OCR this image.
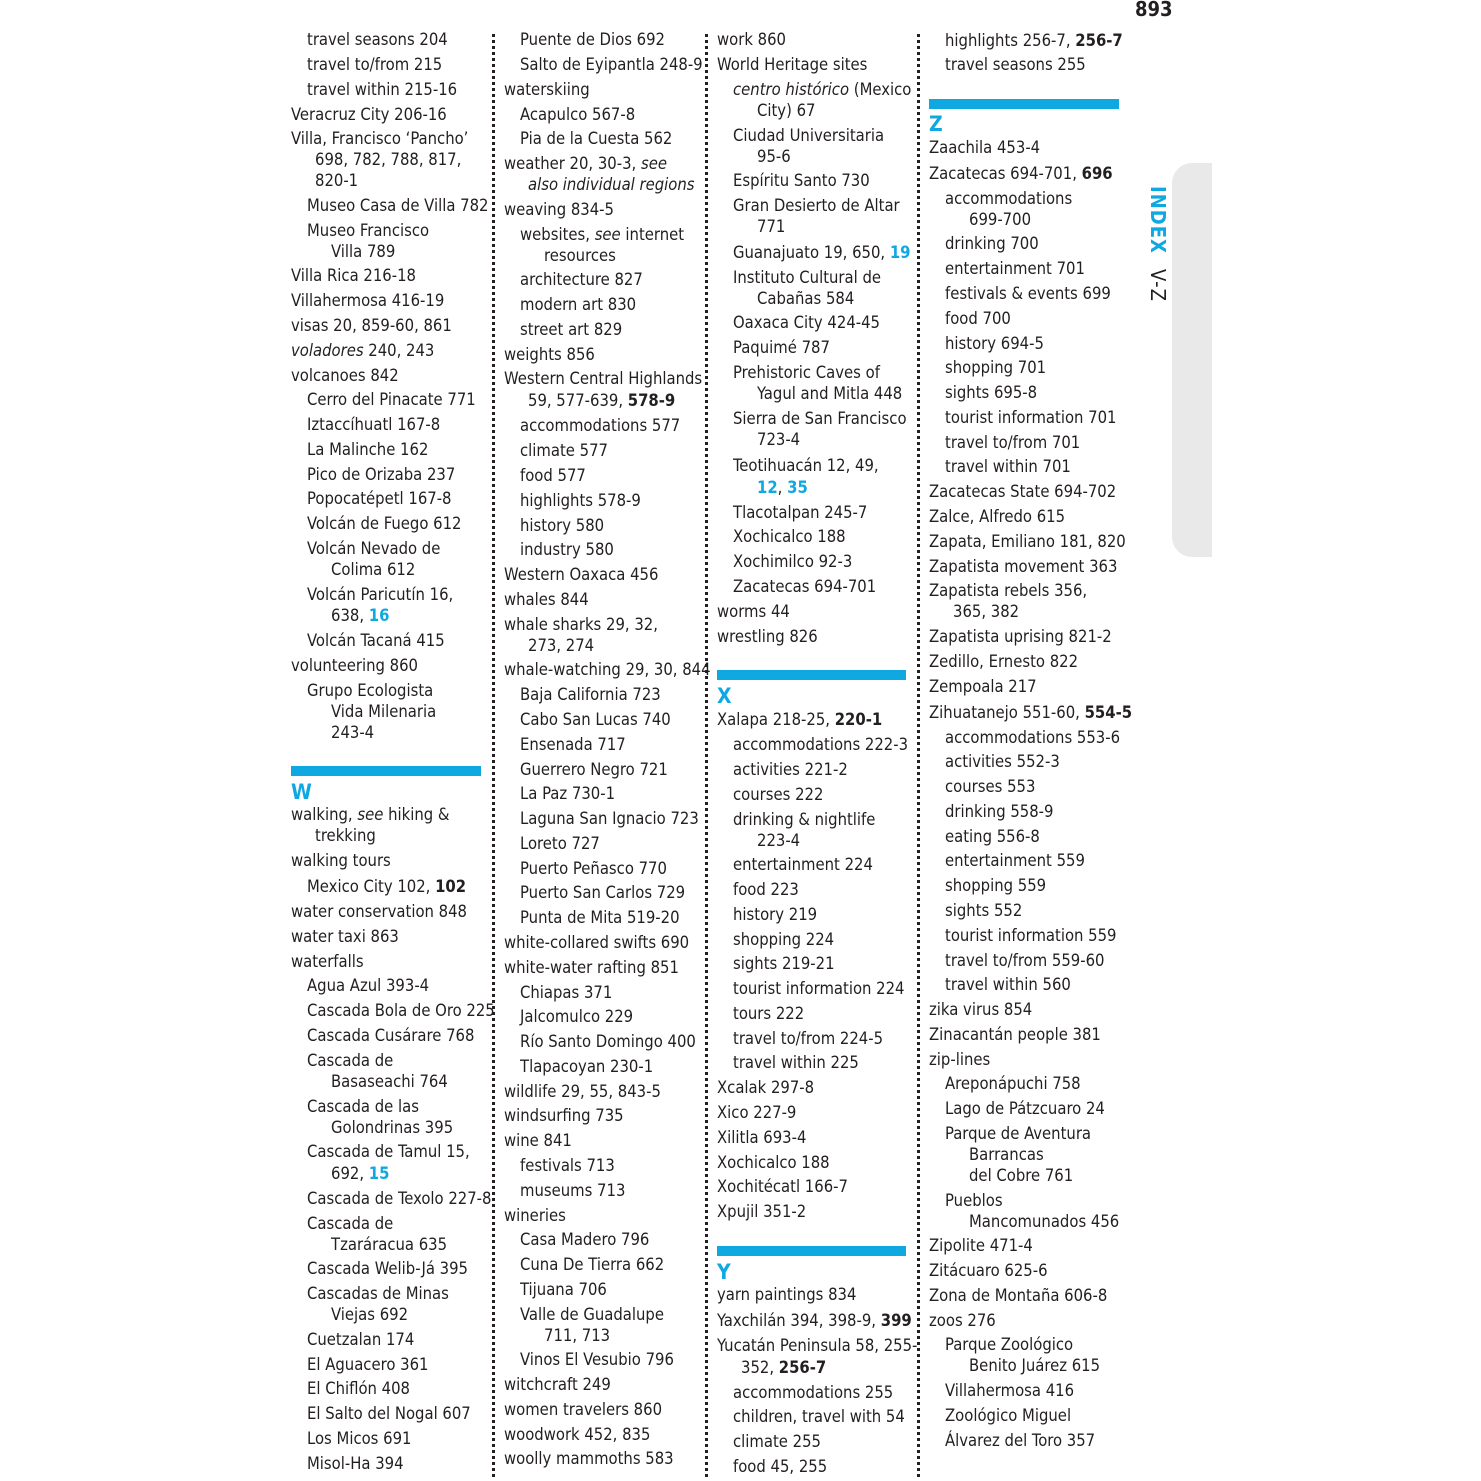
893
INDEX V-Z
W
travel seasons 204
travel to/from 215
travel within 215-16
Veracruz City 206-16
Villa, Francisco ‘Pancho’
698, 782, 788, 817,
820-1
Museo Casa de Villa 782
Museo Francisco
Villa 789
Villa Rica 216-18
Villahermosa 416-19
visas 20, 859-60, 861
voladores 240, 243
volcanoes 842
Cerro del Pinacate 771
Iztaccíhuatl 167-8
La Malinche 162
Pico de Orizaba 237
Popocatépetl 167-8
Volcán de Fuego 612
Volcán Nevado de
Colima 612
Volcán Paricutín 16,
638, 16
Volcán Tacaná 415
volunteering 860
Grupo Ecologista
Vida Milenaria
243-4
walking, see hiking &
trekking
walking tours
Mexico City 102, 102
water conservation 848
water taxi 863
waterfalls
Agua Azul 393-4
Cascada Bola de Oro 225
Cascada Cusárare 768
Cascada de
Basaseachi 764
Cascada de las
Golondrinas 395
Cascada de Tamul 15,
692, 15
Cascada de Texolo 227-8
Cascada de
Tzaráracua 635
Cascada Welib-Já 395
Cascadas de Minas
Viejas 692
Cuetzalan 174
El Aguacero 361
El Chiflón 408
El Salto del Nogal 607
Los Micos 691
Misol-Ha 394
Puente de Dios 692
Salto de Eyipantla 248-9
waterskiing
Acapulco 567-8
Pia de la Cuesta 562
weather 20, 30-3, see
also individual regions
weaving 834-5
websites, see internet
resources
architecture 827
modern art 830
street art 829
weights 856
Western Central Highlands
59, 577-639, 578-9
accommodations 577
climate 577
food 577
highlights 578-9
history 580
industry 580
Western Oaxaca 456
whales 844
whale sharks 29, 32,
273, 274
whale-watching 29, 30, 844
Baja California 723
Cabo San Lucas 740
Ensenada 717
Guerrero Negro 721
La Paz 730-1
Laguna San Ignacio 723
Loreto 727
Puerto Peñasco 770
Puerto San Carlos 729
Punta de Mita 519-20
white-collared swifts 690
white-water rafting 851
Chiapas 371
Jalcomulco 229
Río Santo Domingo 400
Tlapacoyan 230-1
wildlife 29, 55, 843-5
windsurfing 735
wine 841
festivals 713
museums 713
wineries
Casa Madero 796
Cuna De Tierra 662
Tijuana 706
Valle de Guadalupe
711, 713
Vinos El Vesubio 796
witchcraft 249
women travelers 860
woodwork 452, 835
woolly mammoths 583
X
Y
work 860
World Heritage sites
centro histórico (Mexico
City) 67
Ciudad Universitaria
95-6
Espíritu Santo 730
Gran Desierto de Altar
771
Guanajuato 19, 650, 19
Instituto Cultural de
Cabañas 584
Oaxaca City 424-45
Paquimé 787
Prehistoric Caves of
Yagul and Mitla 448
Sierra de San Francisco
723-4
Teotihuacán 12, 49,
12, 35
Tlacotalpan 245-7
Xochicalco 188
Xochimilco 92-3
Zacatecas 694-701
worms 44
wrestling 826
Xalapa 218-25, 220-1
accommodations 222-3
activities 221-2
courses 222
drinking & nightlife
223-4
entertainment 224
food 223
history 219
shopping 224
sights 219-21
tourist information 224
tours 222
travel to/from 224-5
travel within 225
Xcalak 297-8
Xico 227-9
Xilitla 693-4
Xochicalco 188
Xochitécatl 166-7
Xpujil 351-2
yarn paintings 834
Yaxchilán 394, 398-9, 399
Yucatán Peninsula 58, 255-
352, 256-7
accommodations 255
children, travel with 54
climate 255
food 45, 255
Z
highlights 256-7, 256-7
travel seasons 255
Zaachila 453-4
Zacatecas 694-701, 696
accommodations
699-700
drinking 700
entertainment 701
festivals & events 699
food 700
history 694-5
shopping 701
sights 695-8
tourist information 701
travel to/from 701
travel within 701
Zacatecas State 694-702
Zalce, Alfredo 615
Zapata, Emiliano 181, 820
Zapatista movement 363
Zapatista rebels 356,
365, 382
Zapatista uprising 821-2
Zedillo, Ernesto 822
Zempoala 217
Zihuatanejo 551-60, 554-5
accommodations 553-6
activities 552-3
courses 553
drinking 558-9
eating 556-8
entertainment 559
shopping 559
sights 552
tourist information 559
travel to/from 559-60
travel within 560
zika virus 854
Zinacantán people 381
zip-lines
Areponápuchi 758
Lago de Pátzcuaro 24
Parque de Aventura
Barrancas
del Cobre 761
Pueblos
Mancomunados 456
Zipolite 471-4
Zitácuaro 625-6
Zona de Montaña 606-8
zoos 276
Parque Zoológico
Benito Juárez 615
Villahermosa 416
Zoológico Miguel
Álvarez del Toro 357
